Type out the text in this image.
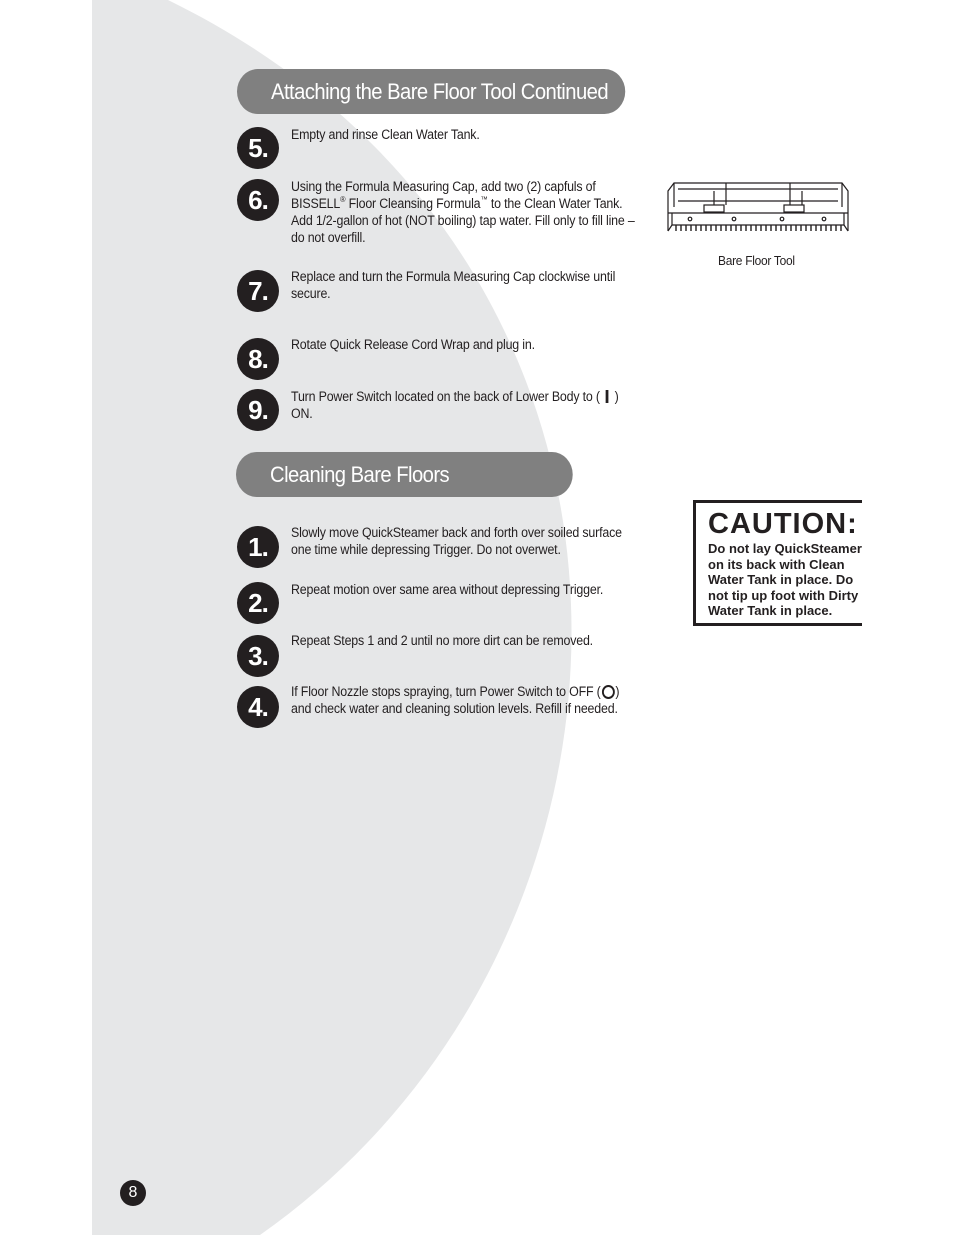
Attaching the Bare Floor Tool Continued
5.	Empty and rinse Clean Water Tank.
6.	Using the Formula Measuring Cap, add two (2) capfuls of BISSELL® Floor Cleansing Formula™ to the Clean Water Tank. Add 1/2-gallon of hot (NOT boiling) tap water. Fill only to fill line – do not overfill.
7.	Replace and turn the Formula Measuring Cap clockwise until secure.
8.	Rotate Quick Release Cord Wrap and plug in.
9.	Turn Power Switch located on the back of Lower Body to (  ) ON.
Cleaning Bare Floors
1.	Slowly move QuickSteamer back and forth over soiled surface one time while depressing Trigger. Do not overwet.
2.	Repeat motion over same area without depressing Trigger.
3.	Repeat Steps 1 and 2 until no more dirt can be removed.
4.	If Floor Nozzle stops spraying, turn Power Switch to OFF ( ) and check water and cleaning solution levels. Refill if needed.
Bare Floor Tool
CAUTION:
Do not lay QuickSteamer
on its back with Clean
Water Tank in place. Do
not tip up foot with Dirty
Water Tank in place.
8
